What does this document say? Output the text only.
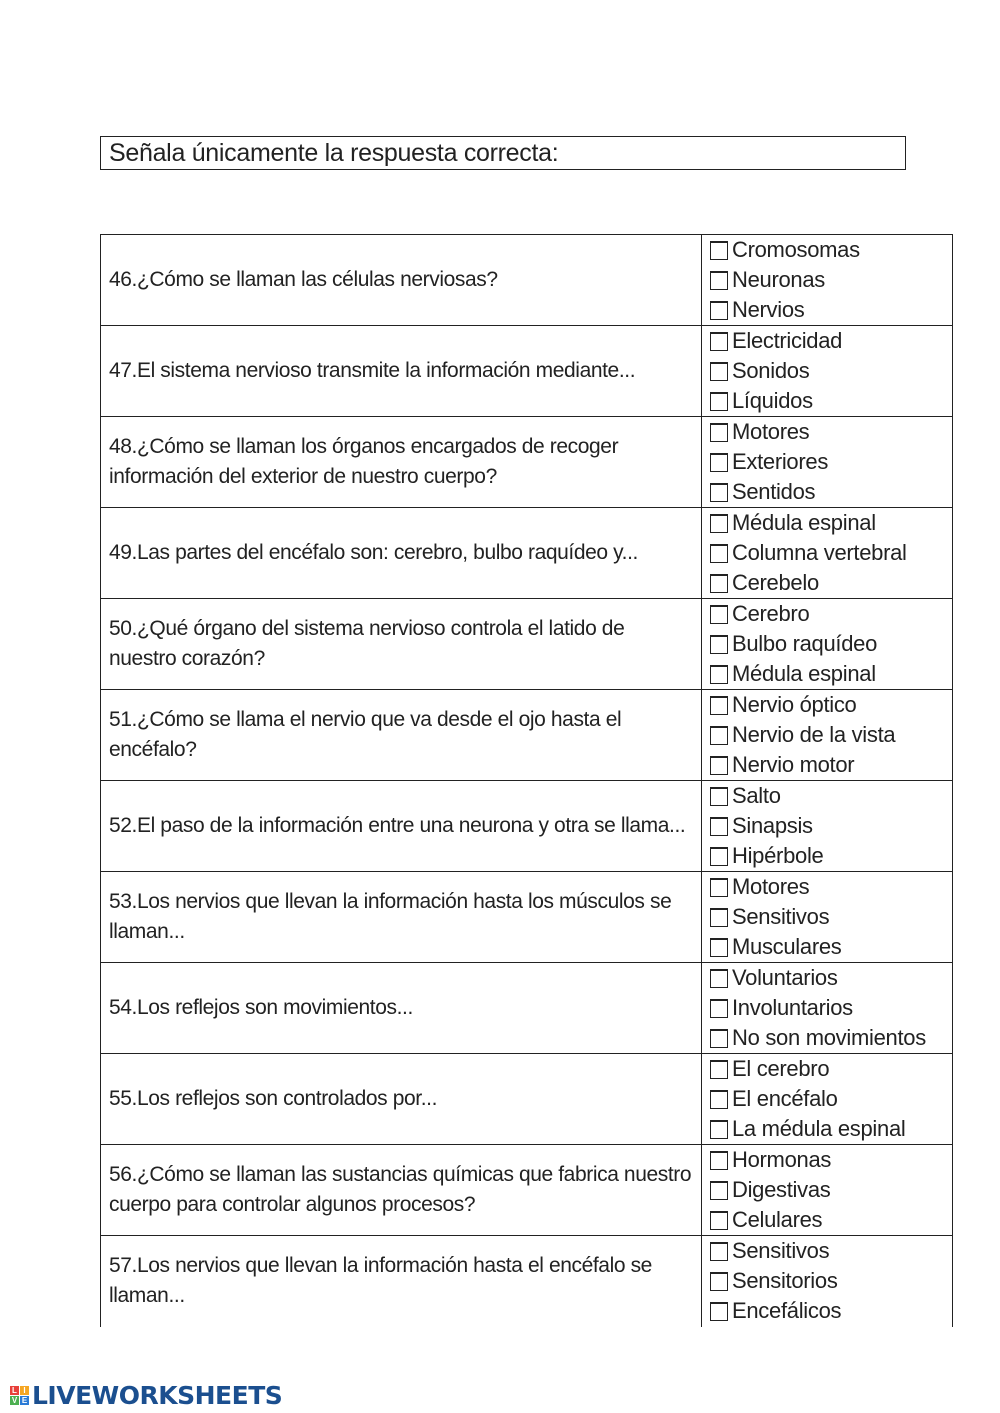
Señala únicamente la respuesta correcta:
46.¿Cómo se llaman las células nerviosas?	Cromosomas
Neuronas
Nervios

47.El sistema nervioso transmite la información mediante...	Electricidad
Sonidos
Líquidos

48.¿Cómo se llaman los órganos encargados de recoger información del exterior de nuestro cuerpo?	Motores
Exteriores
Sentidos

49.Las partes del encéfalo son: cerebro, bulbo raquídeo y...	Médula espinal
Columna vertebral
Cerebelo

50.¿Qué órgano del sistema nervioso controla el latido de nuestro corazón?	Cerebro
Bulbo raquídeo
Médula espinal

51.¿Cómo se llama el nervio que va desde el ojo hasta el encéfalo?	Nervio óptico
Nervio de la vista
Nervio motor

52.El paso de la información entre una neurona y otra se llama...	Salto
Sinapsis
Hipérbole

53.Los nervios que llevan la información hasta los músculos se llaman...	Motores
Sensitivos
Musculares

54.Los reflejos son movimientos...	Voluntarios
Involuntarios
No son movimientos

55.Los reflejos son controlados por...	El cerebro
El encéfalo
La médula espinal

56.¿Cómo se llaman las sustancias químicas que fabrica nuestro cuerpo para controlar algunos procesos?	Hormonas
Digestivas
Celulares

57.Los nervios que llevan la información hasta el encéfalo se llaman...	Sensitivos
Sensitorios
Encefálicos
L I
V E LIVEWORKSHEETS
